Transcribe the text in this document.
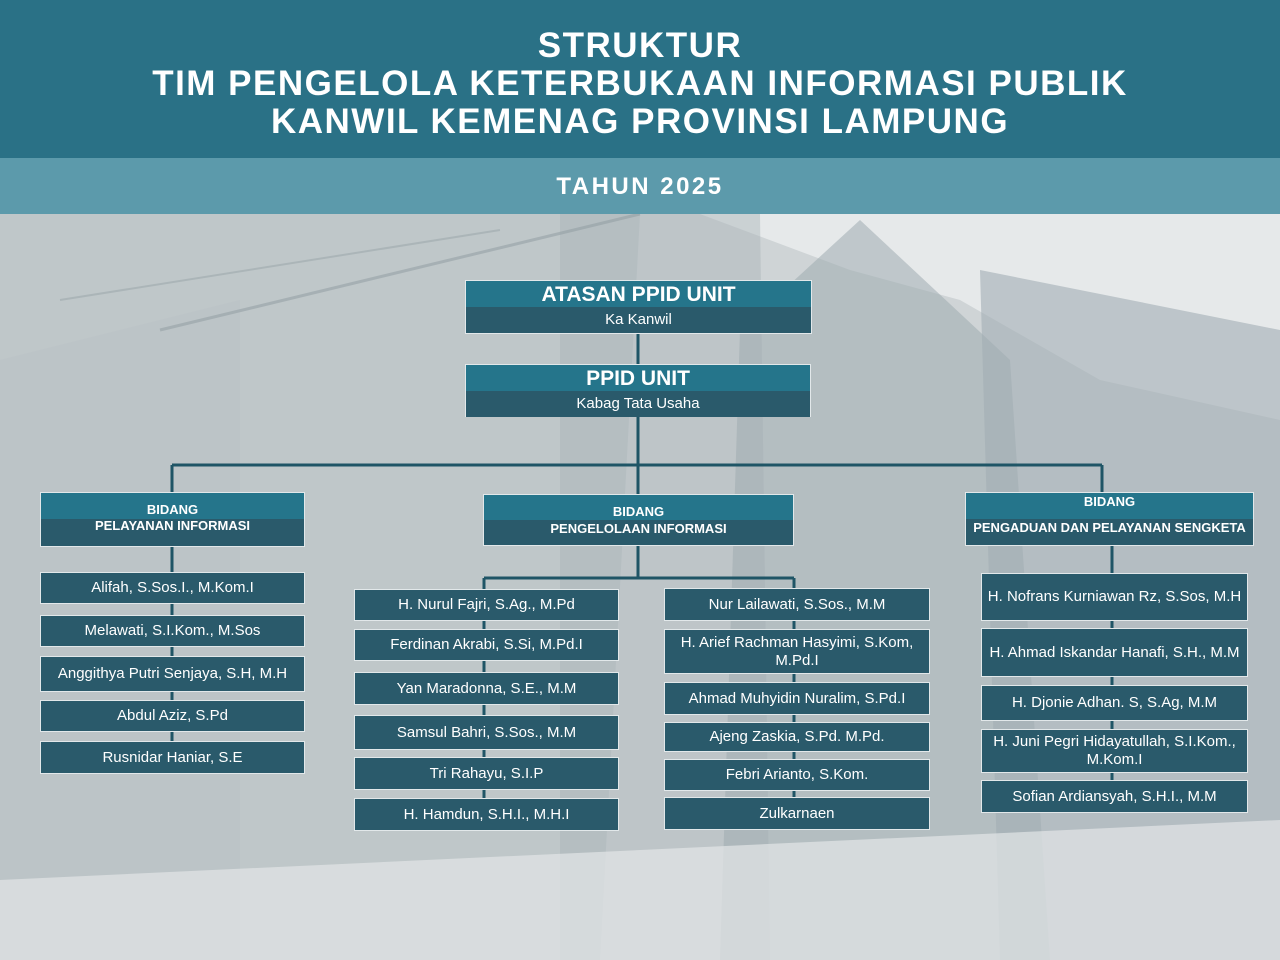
STRUKTUR
TIM PENGELOLA KETERBUKAAN INFORMASI PUBLIK
KANWIL KEMENAG PROVINSI LAMPUNG
TAHUN 2025
ATASAN PPID UNIT
Ka Kanwil
PPID UNIT
Kabag Tata Usaha
BIDANG
PELAYANAN INFORMASI
BIDANG
PENGELOLAAN INFORMASI
BIDANG
PENGADUAN DAN PELAYANAN SENGKETA
Alifah, S.Sos.I., M.Kom.I
Melawati, S.I.Kom., M.Sos
Anggithya Putri Senjaya, S.H, M.H
Abdul Aziz, S.Pd
Rusnidar Haniar, S.E
H. Nurul Fajri, S.Ag., M.Pd
Ferdinan Akrabi, S.Si, M.Pd.I
Yan Maradonna, S.E., M.M
Samsul Bahri, S.Sos., M.M
Tri Rahayu, S.I.P
H. Hamdun, S.H.I., M.H.I
Nur Lailawati, S.Sos., M.M
H. Arief Rachman Hasyimi, S.Kom, M.Pd.I
Ahmad Muhyidin Nuralim, S.Pd.I
Ajeng Zaskia, S.Pd. M.Pd.
Febri Arianto, S.Kom.
Zulkarnaen
H. Nofrans Kurniawan Rz, S.Sos, M.H
H. Ahmad Iskandar Hanafi, S.H., M.M
H. Djonie Adhan. S, S.Ag, M.M
H. Juni Pegri Hidayatullah, S.I.Kom., M.Kom.I
Sofian Ardiansyah, S.H.I., M.M
